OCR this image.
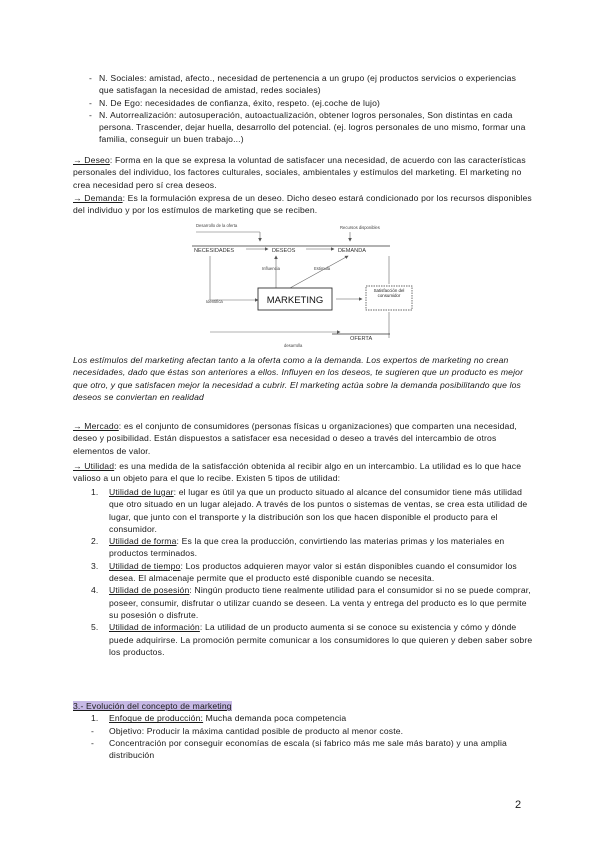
- N. Sociales: amistad, afecto., necesidad de pertenencia a un grupo (ej productos servicios o experiencias que satisfagan la necesidad de amistad, redes sociales)
- N. De Ego: necesidades de confianza, éxito, respeto. (ej.coche de lujo)
- N. Autorrealización: autosuperación, autoactualización, obtener logros personales, Son distintas en cada persona. Trascender, dejar huella, desarrollo del potencial. (ej. logros personales de uno mismo, formar una familia, conseguir un buen trabajo...)
→ Deseo: Forma en la que se expresa la voluntad de satisfacer una necesidad, de acuerdo con las características personales del individuo, los factores culturales, sociales, ambientales y estímulos del marketing. El marketing no crea necesidad pero sí crea deseos.
→ Demanda: Es la formulación expresa de un deseo. Dicho deseo estará condicionado por los recursos disponibles del individuo y por los estímulos de marketing que se reciben.
Desarrollo de la oferta	Recursos disponibles
NECESIDADES	DESEOS	DEMANDA
Identifica
Influencia	Estimula
MARKETING
Satisfacción del consumidor
OFERTA
desarrolla
Los estímulos del marketing afectan tanto a la oferta como a la demanda. Los expertos de marketing no crean necesidades, dado que éstas son anteriores a ellos. Influyen en los deseos, te sugieren que un producto es mejor que otro, y que satisfacen mejor la necesidad a cubrir. El marketing actúa sobre la demanda posibilitando que los deseos se conviertan en realidad
→ Mercado: es el conjunto de consumidores (personas físicas u organizaciones) que comparten una necesidad, deseo y posibilidad. Están dispuestos a satisfacer esa necesidad o deseo a través del intercambio de otros elementos de valor.
→ Utilidad: es una medida de la satisfacción obtenida al recibir algo en un intercambio. La utilidad es lo que hace valioso a un objeto para el que lo recibe. Existen 5 tipos de utilidad:
1. Utilidad de lugar: el lugar es útil ya que un producto situado al alcance del consumidor tiene más utilidad que otro situado en un lugar alejado. A través de los puntos o sistemas de ventas, se crea esta utilidad de lugar, que junto con el transporte y la distribución son los que hacen disponible el producto para el consumidor.
2. Utilidad de forma: Es la que crea la producción, convirtiendo las materias primas y los materiales en productos terminados.
3. Utilidad de tiempo: Los productos adquieren mayor valor si están disponibles cuando el consumidor los desea. El almacenaje permite que el producto esté disponible cuando se necesita.
4. Utilidad de posesión: Ningún producto tiene realmente utilidad para el consumidor si no se puede comprar, poseer, consumir, disfrutar o utilizar cuando se deseen. La venta y entrega del producto es lo que permite su posesión o disfrute.
5. Utilidad de información: La utilidad de un producto aumenta si se conoce su existencia y cómo y dónde puede adquirirse. La promoción permite comunicar a los consumidores lo que quieren y deben saber sobre los productos.
3.- Evolución del concepto de marketing
1. Enfoque de producción: Mucha demanda poca competencia
- Objetivo: Producir la máxima cantidad posible de producto al menor coste.
- Concentración por conseguir economías de escala (si fabrico más me sale más barato) y una amplia distribución
2
